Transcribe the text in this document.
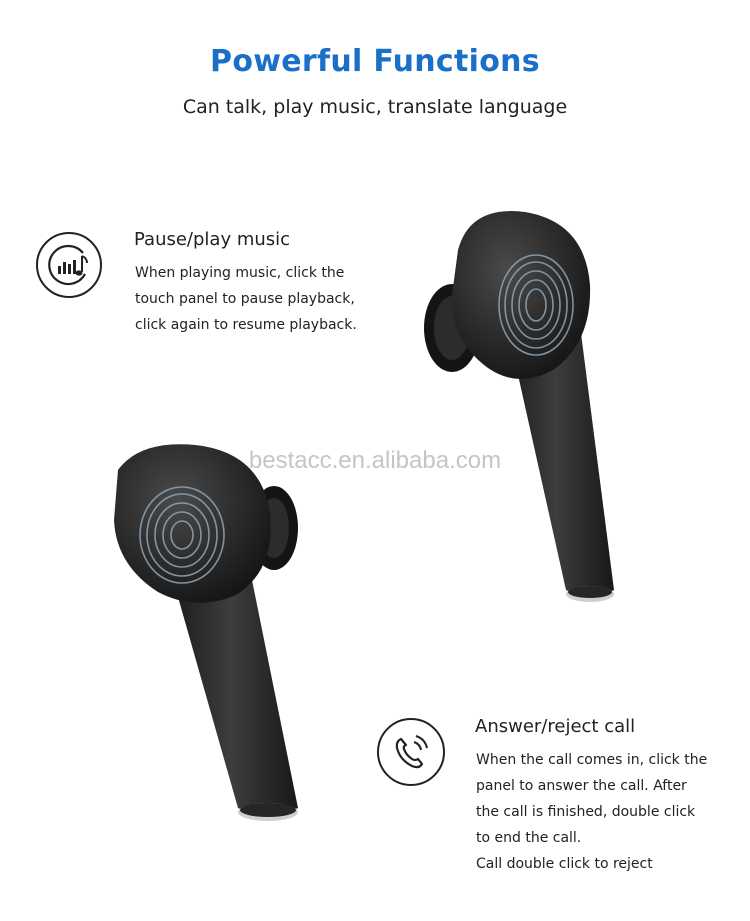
Powerful Functions
Can talk, play music, translate language
bestacc.en.alibaba.com
Pause/play music
When playing music, click the
touch panel to pause playback,
click again to resume playback.
Answer/reject call
When the call comes in, click the
panel to answer the call. After
the call is finished, double click
to end the call.
Call double click to reject
